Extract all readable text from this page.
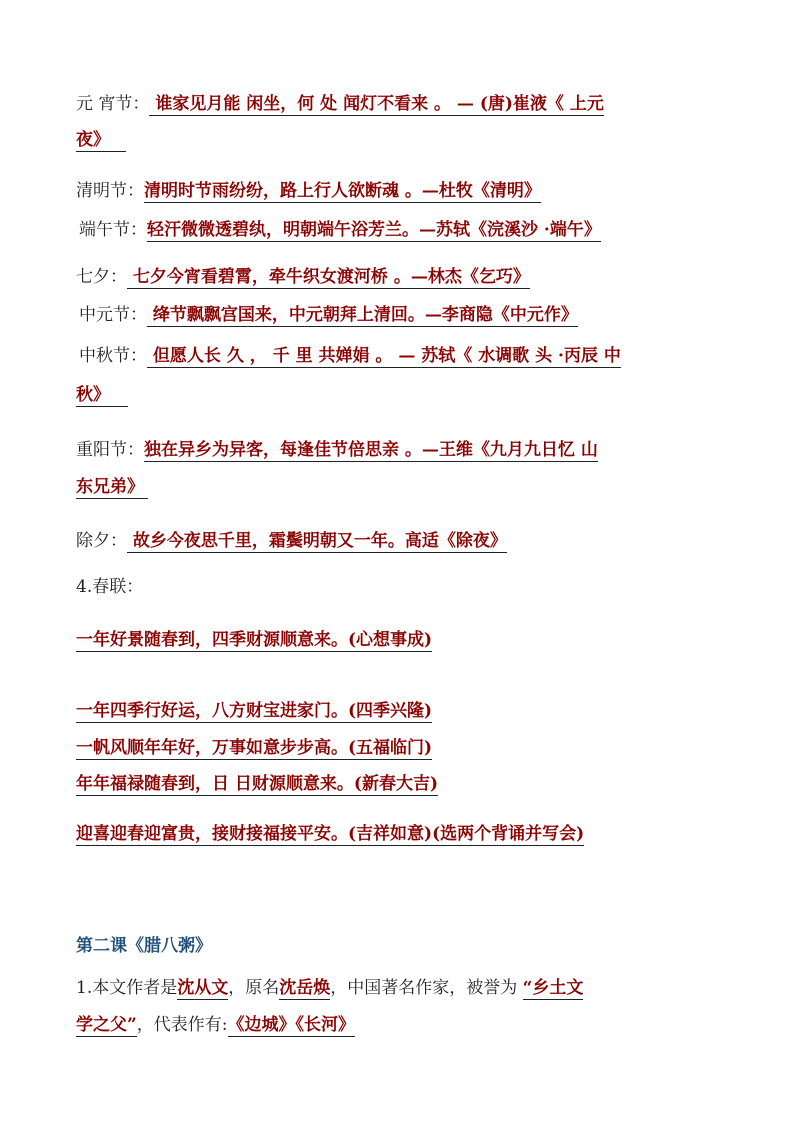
元 宵节： 谁家见月能 闲坐，何 处 闻灯不看来 。 — (唐)崔液《 上元
夜》
清明节：清明时节雨纷纷，路上行人欲断魂 。—杜牧《清明》
端午节：轻汗微微透碧纨，明朝端午浴芳兰。—苏轼《浣溪沙 ·端午》
七夕： 七夕今宵看碧霄，牵牛织女渡河桥 。—林杰《乞巧》
中元节： 绛节飘飘宫国来，中元朝拜上清回。—李商隐《中元作》
中秋节： 但愿人长 久 ， 千 里 共婵娟 。 — 苏轼《 水调歌 头 ·丙辰 中
秋》
重阳节：独在异乡为异客，每逢佳节倍思亲 。—王维《九月九日忆 山
东兄弟》
除夕： 故乡今夜思千里，霜鬓明朝又一年。高适《除夜》
4.春联：
一年好景随春到，四季财源顺意来。(心想事成)
一年四季行好运，八方财宝进家门。(四季兴隆)
一帆风顺年年好，万事如意步步高。(五福临门)
年年福禄随春到，日 日财源顺意来。(新春大吉)
迎喜迎春迎富贵，接财接福接平安。(吉祥如意)(选两个背诵并写会)
第二课《腊八粥》
1.本文作者是沈从文，原名沈岳焕，中国著名作家，被誉为 “乡土文
学之父”，代表作有:《边城》《长河》
